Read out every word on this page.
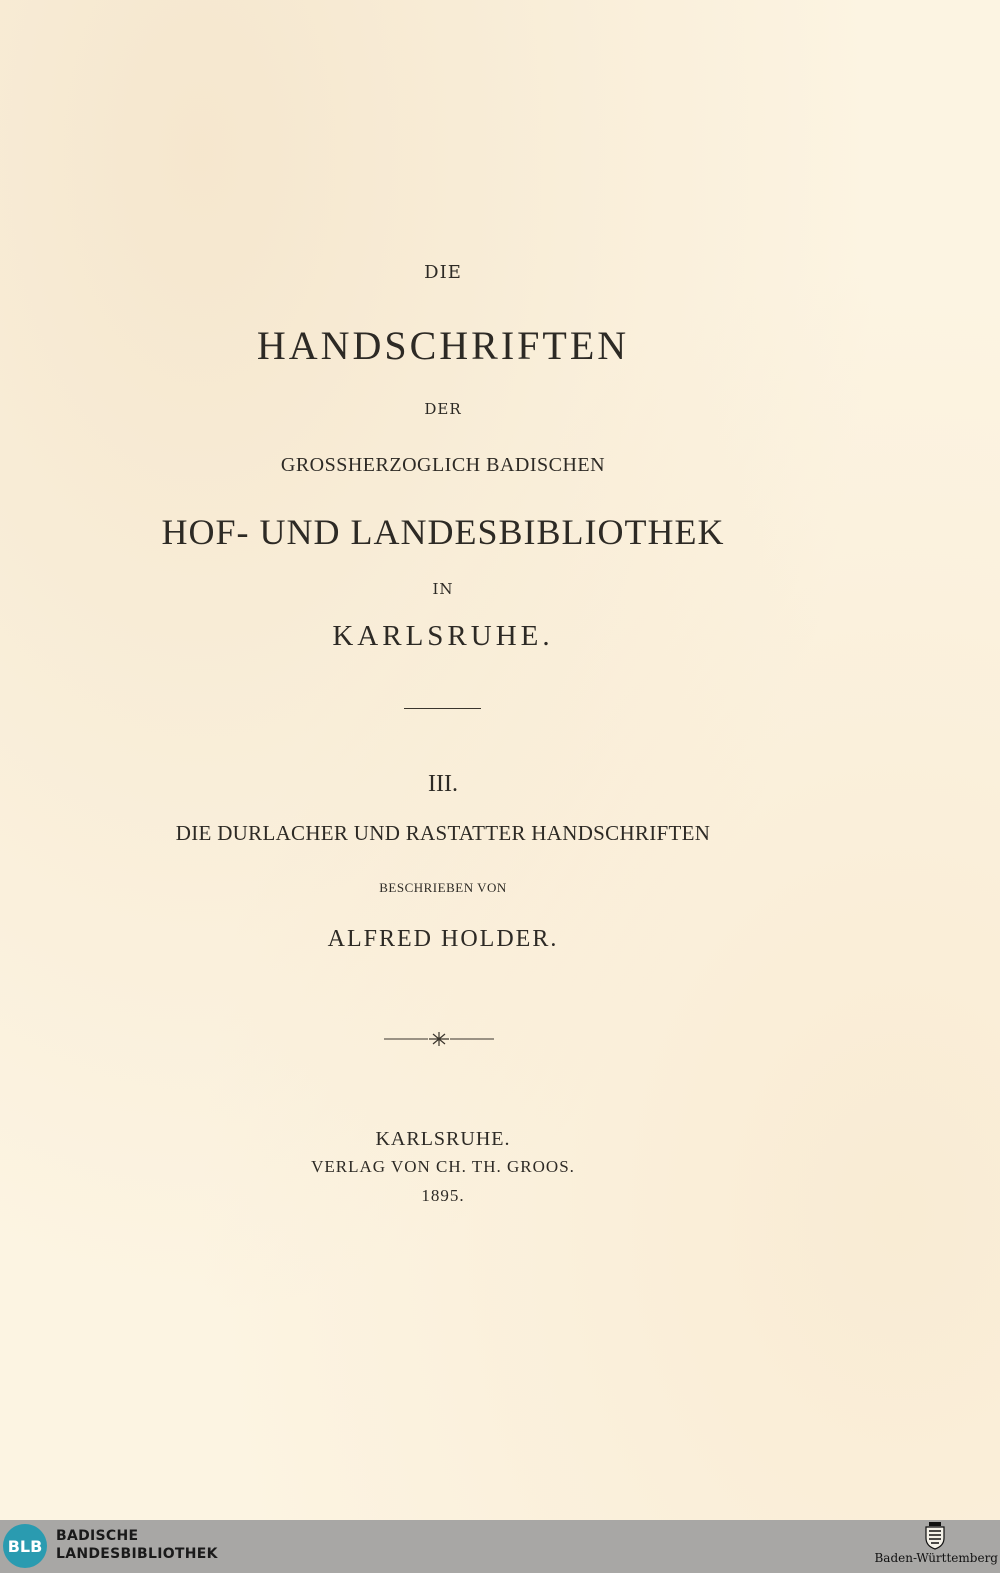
DIE
HANDSCHRIFTEN
DER
GROSSHERZOGLICH BADISCHEN
HOF- UND LANDESBIBLIOTHEK
IN
KARLSRUHE.
III.
DIE DURLACHER UND RASTATTER HANDSCHRIFTEN
BESCHRIEBEN VON
ALFRED HOLDER.
KARLSRUHE.
VERLAG VON CH. TH. GROOS.
1895.
BLB
BADISCHE
LANDESBIBLIOTHEK	Baden-Württemberg
